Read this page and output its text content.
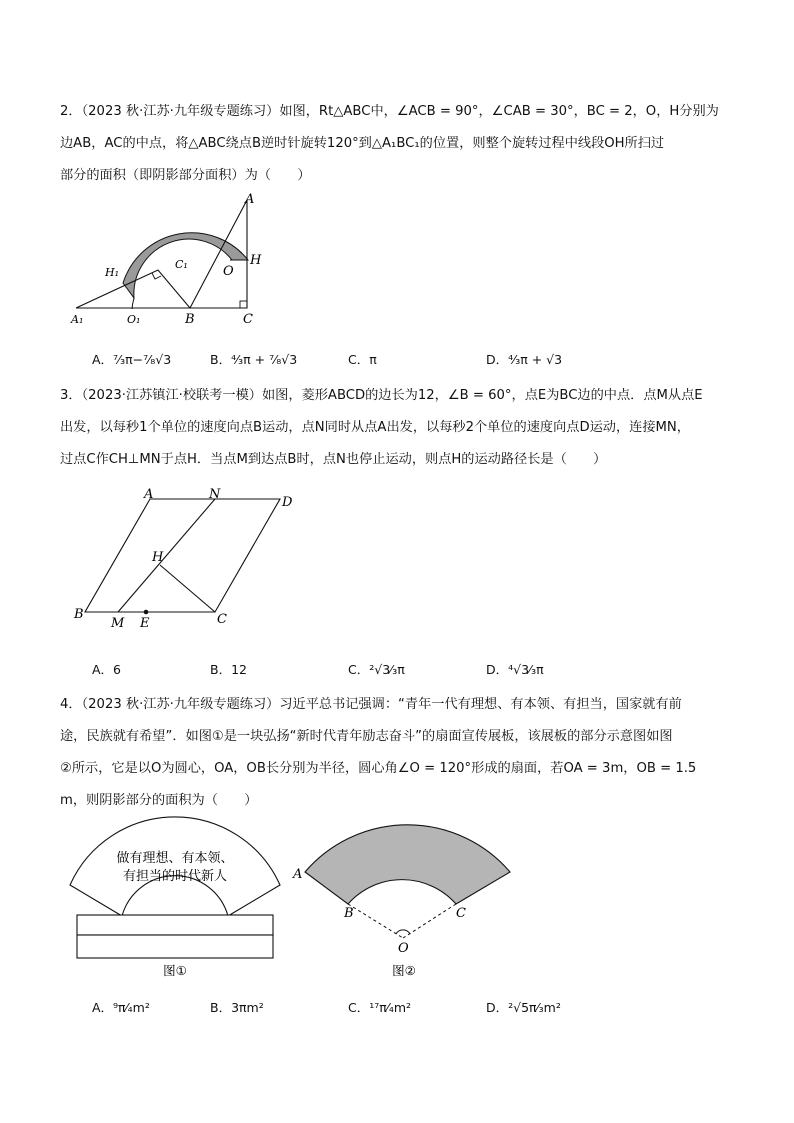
2．（2023 秋·江苏·九年级专题练习）如图，Rt△ABC中，∠ACB = 90°，∠CAB = 30°，BC = 2，O，H分别为
边AB，AC的中点，将△ABC绕点B逆时针旋转120°到△A₁BC₁的位置，则整个旋转过程中线段OH所扫过
部分的面积（即阴影部分面积）为（　　）
A
H
O
C
B
C₁
H₁
A₁	O₁
A．⁷⁄₃π−⁷⁄₈√3	B．⁴⁄₃π + ⁷⁄₈√3	C．π	D．⁴⁄₃π + √3
3．（2023·江苏镇江·校联考一模）如图，菱形ABCD的边长为12，∠B = 60°，点E为BC边的中点．点M从点E
出发，以每秒1个单位的速度向点B运动，点N同时从点A出发，以每秒2个单位的速度向点D运动，连接MN，
过点C作CH⊥MN于点H．当点M到达点B时，点N也停止运动，则点H的运动路径长是（　　）
A	N
D
H
B
M E	C
A．6	B．12	C．²√3⁄₃π	D．⁴√3⁄₃π
4．（2023 秋·江苏·九年级专题练习）习近平总书记强调：“青年一代有理想、有本领、有担当，国家就有前
途，民族就有希望”．如图①是一块弘扬“新时代青年励志奋斗”的扇面宣传展板，该展板的部分示意图如图
②所示，它是以O为圆心，OA，OB长分别为半径，圆心角∠O = 120°形成的扇面，若OA = 3m，OB = 1.5
m，则阴影部分的面积为（　　）
做有理想、有本领、
有担当的时代新人
图①
A
B	C
O
图②
A．⁹π⁄₄m²	B．3πm²	C．¹⁷π⁄₄m²	D．²√5π⁄₃m²
